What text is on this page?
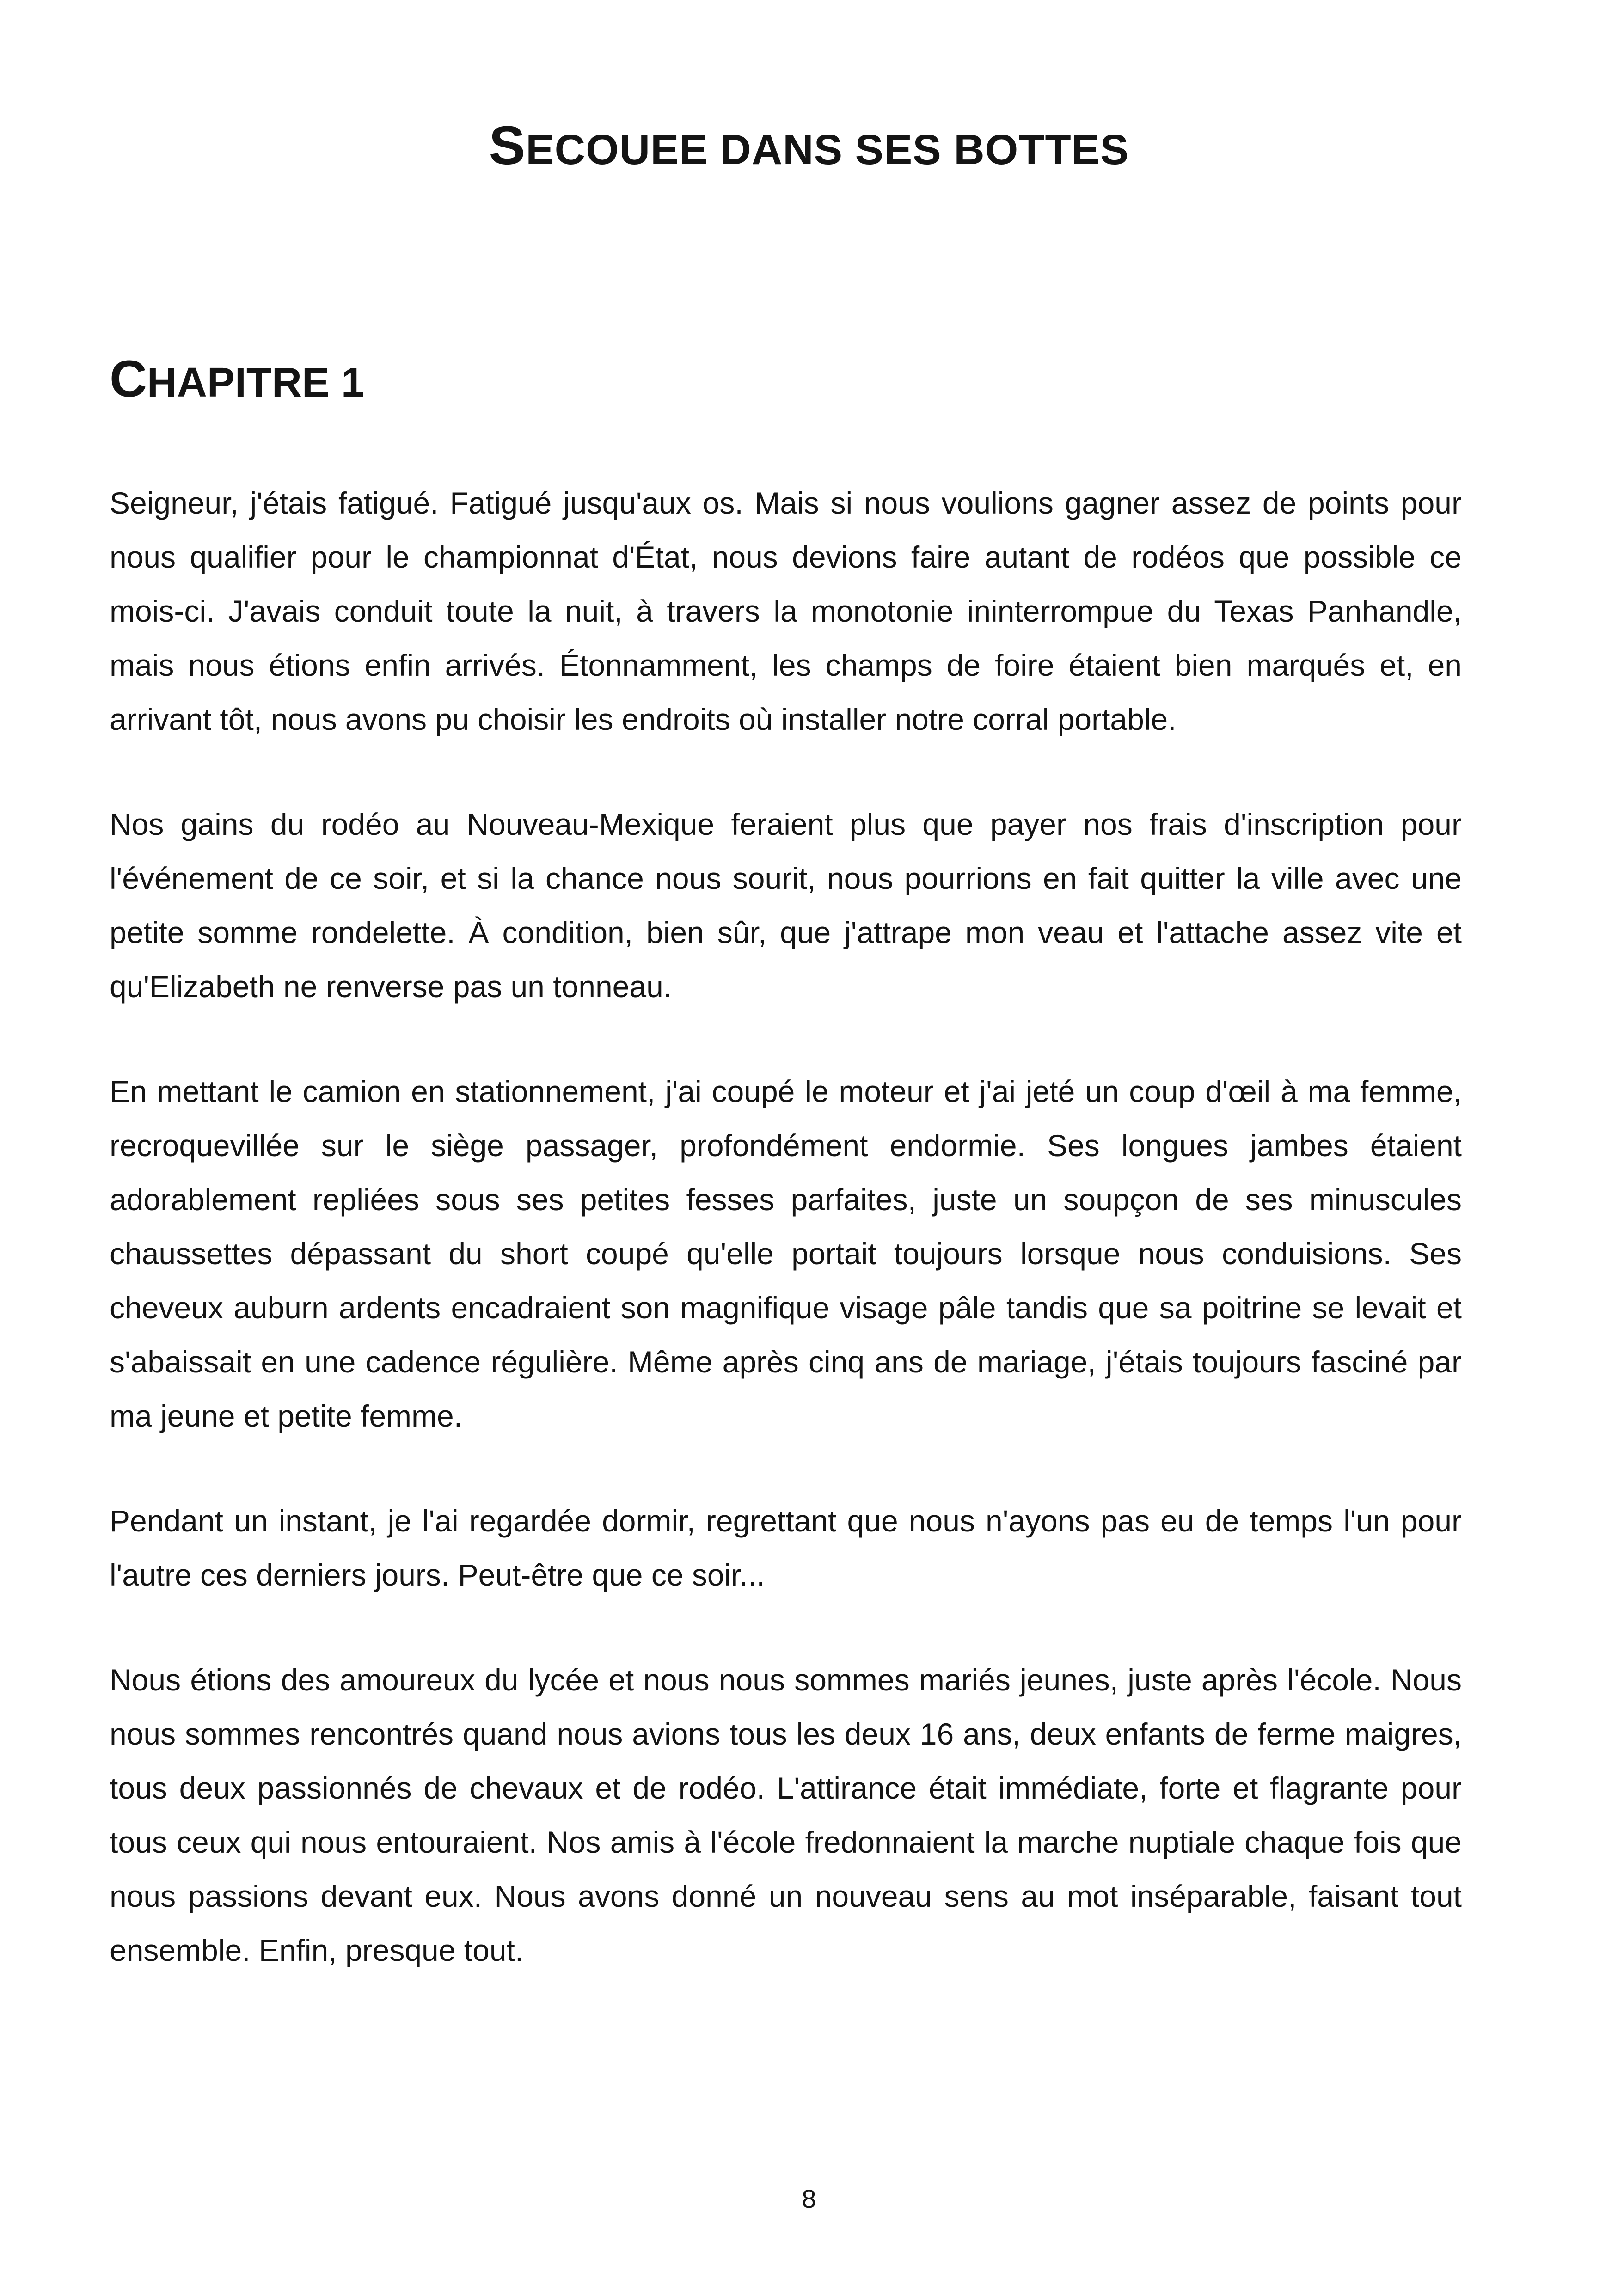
SECOUEE DANS SES BOTTES
CHAPITRE 1

Seigneur, j'étais fatigué. Fatigué jusqu'aux os. Mais si nous voulions gagner assez de points pour nous qualifier pour le championnat d'État, nous devions faire autant de rodéos que possible ce mois-ci. J'avais conduit toute la nuit, à travers la monotonie ininterrompue du Texas Panhandle, mais nous étions enfin arrivés. Étonnamment, les champs de foire étaient bien marqués et, en arrivant tôt, nous avons pu choisir les endroits où installer notre corral portable.

Nos gains du rodéo au Nouveau-Mexique feraient plus que payer nos frais d'inscription pour l'événement de ce soir, et si la chance nous sourit, nous pourrions en fait quitter la ville avec une petite somme rondelette. À condition, bien sûr, que j'attrape mon veau et l'attache assez vite et qu'Elizabeth ne renverse pas un tonneau.

En mettant le camion en stationnement, j'ai coupé le moteur et j'ai jeté un coup d'œil à ma femme, recroquevillée sur le siège passager, profondément endormie. Ses longues jambes étaient adorablement repliées sous ses petites fesses parfaites, juste un soupçon de ses minuscules chaussettes dépassant du short coupé qu'elle portait toujours lorsque nous conduisions. Ses cheveux auburn ardents encadraient son magnifique visage pâle tandis que sa poitrine se levait et s'abaissait en une cadence régulière. Même après cinq ans de mariage, j'étais toujours fasciné par ma jeune et petite femme.

Pendant un instant, je l'ai regardée dormir, regrettant que nous n'ayons pas eu de temps l'un pour l'autre ces derniers jours. Peut-être que ce soir...

Nous étions des amoureux du lycée et nous nous sommes mariés jeunes, juste après l'école. Nous nous sommes rencontrés quand nous avions tous les deux 16 ans, deux enfants de ferme maigres, tous deux passionnés de chevaux et de rodéo. L'attirance était immédiate, forte et flagrante pour tous ceux qui nous entouraient. Nos amis à l'école fredonnaient la marche nuptiale chaque fois que nous passions devant eux. Nous avons donné un nouveau sens au mot inséparable, faisant tout ensemble. Enfin, presque tout.

8
